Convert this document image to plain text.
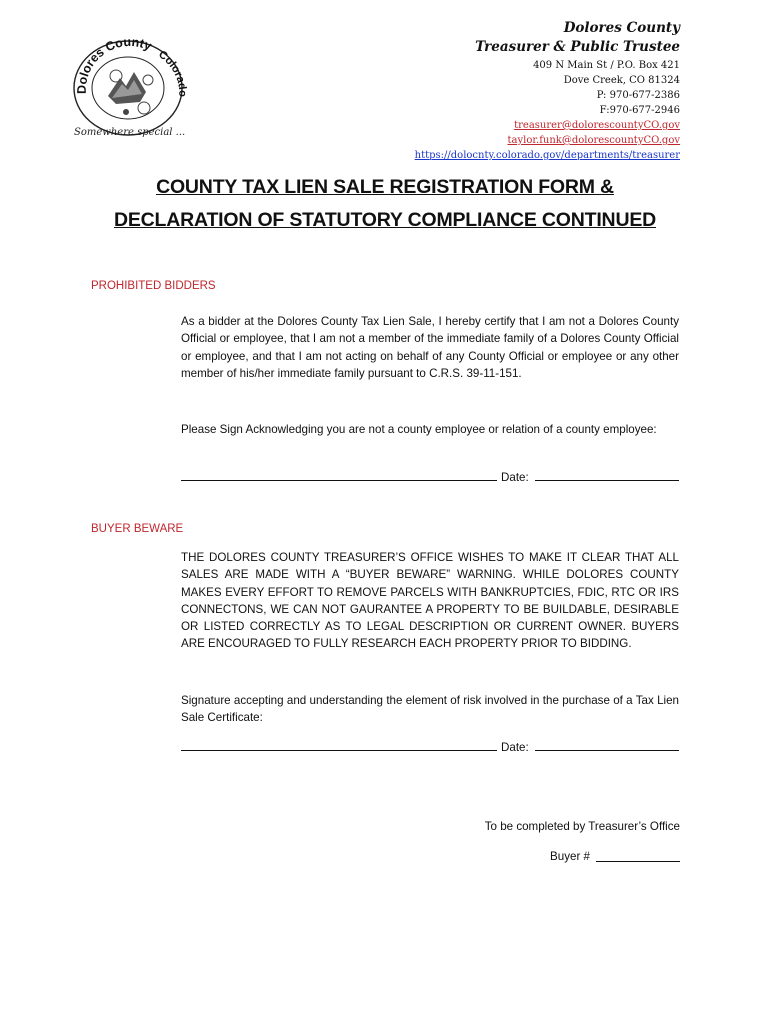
Dolores County
Colorado
Somewhere special ...
Dolores County
Treasurer & Public Trustee
409 N Main St / P.O. Box 421
Dove Creek, CO 81324
P: 970-677-2386
F:970-677-2946
treasurer@dolorescountyCO.gov
taylor.funk@dolorescountyCO.gov
https://dolocnty.colorado.gov/departments/treasurer
COUNTY TAX LIEN SALE REGISTRATION FORM &
DECLARATION OF STATUTORY COMPLIANCE CONTINUED
PROHIBITED BIDDERS
As a bidder at the Dolores County Tax Lien Sale, I hereby certify that I am not a Dolores County Official or employee, that I am not a member of the immediate family of a Dolores County Official or employee, and that I am not acting on behalf of any County Official or employee or any other member of his/her immediate family pursuant to C.R.S. 39-11-151.
Please Sign Acknowledging you are not a county employee or relation of a county employee:
Date:
BUYER BEWARE
THE DOLORES COUNTY TREASURER’S OFFICE WISHES TO MAKE IT CLEAR THAT ALL SALES ARE MADE WITH A “BUYER BEWARE” WARNING. WHILE DOLORES COUNTY MAKES EVERY EFFORT TO REMOVE PARCELS WITH BANKRUPTCIES, FDIC, RTC OR IRS CONNECTONS, WE CAN NOT GAURANTEE A PROPERTY TO BE BUILDABLE, DESIRABLE OR LISTED CORRECTLY AS TO LEGAL DESCRIPTION OR CURRENT OWNER. BUYERS ARE ENCOURAGED TO FULLY RESEARCH EACH PROPERTY PRIOR TO BIDDING.
Signature accepting and understanding the element of risk involved in the purchase of a Tax Lien Sale Certificate:
Date:
To be completed by Treasurer’s Office
Buyer #
